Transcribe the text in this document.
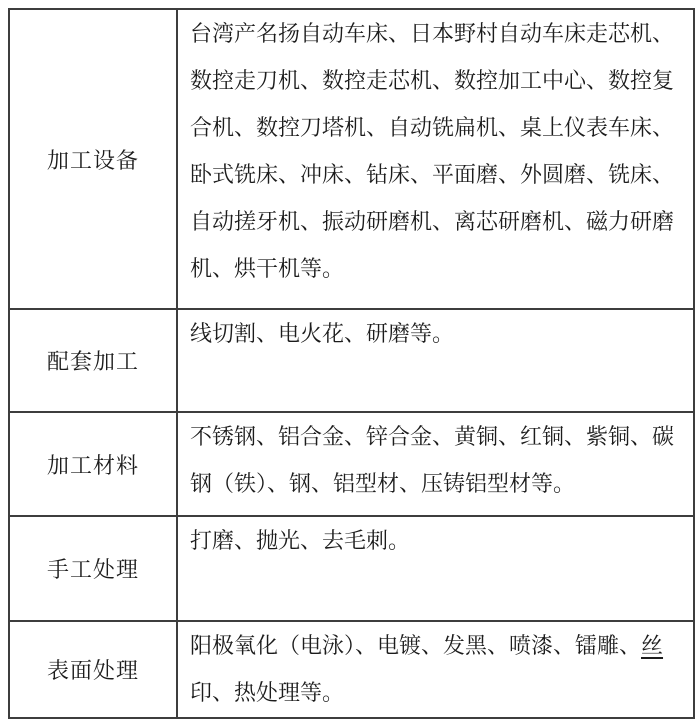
加工设备
台湾产名扬自动车床、日本野村自动车床走芯机、
数控走刀机、数控走芯机、数控加工中心、数控复
合机、数控刀塔机、自动铣扁机、桌上仪表车床、
卧式铣床、冲床、钻床、平面磨、外圆磨、铣床、
自动搓牙机、振动研磨机、离芯研磨机、磁力研磨
机、烘干机等。
配套加工
线切割、电火花、研磨等。
加工材料
不锈钢、铝合金、锌合金、黄铜、红铜、紫铜、碳
钢（铁）、钢、铝型材、压铸铝型材等。
手工处理
打磨、抛光、去毛刺。
表面处理
阳极氧化（电泳）、电镀、发黑、喷漆、镭雕、丝
印、热处理等。
